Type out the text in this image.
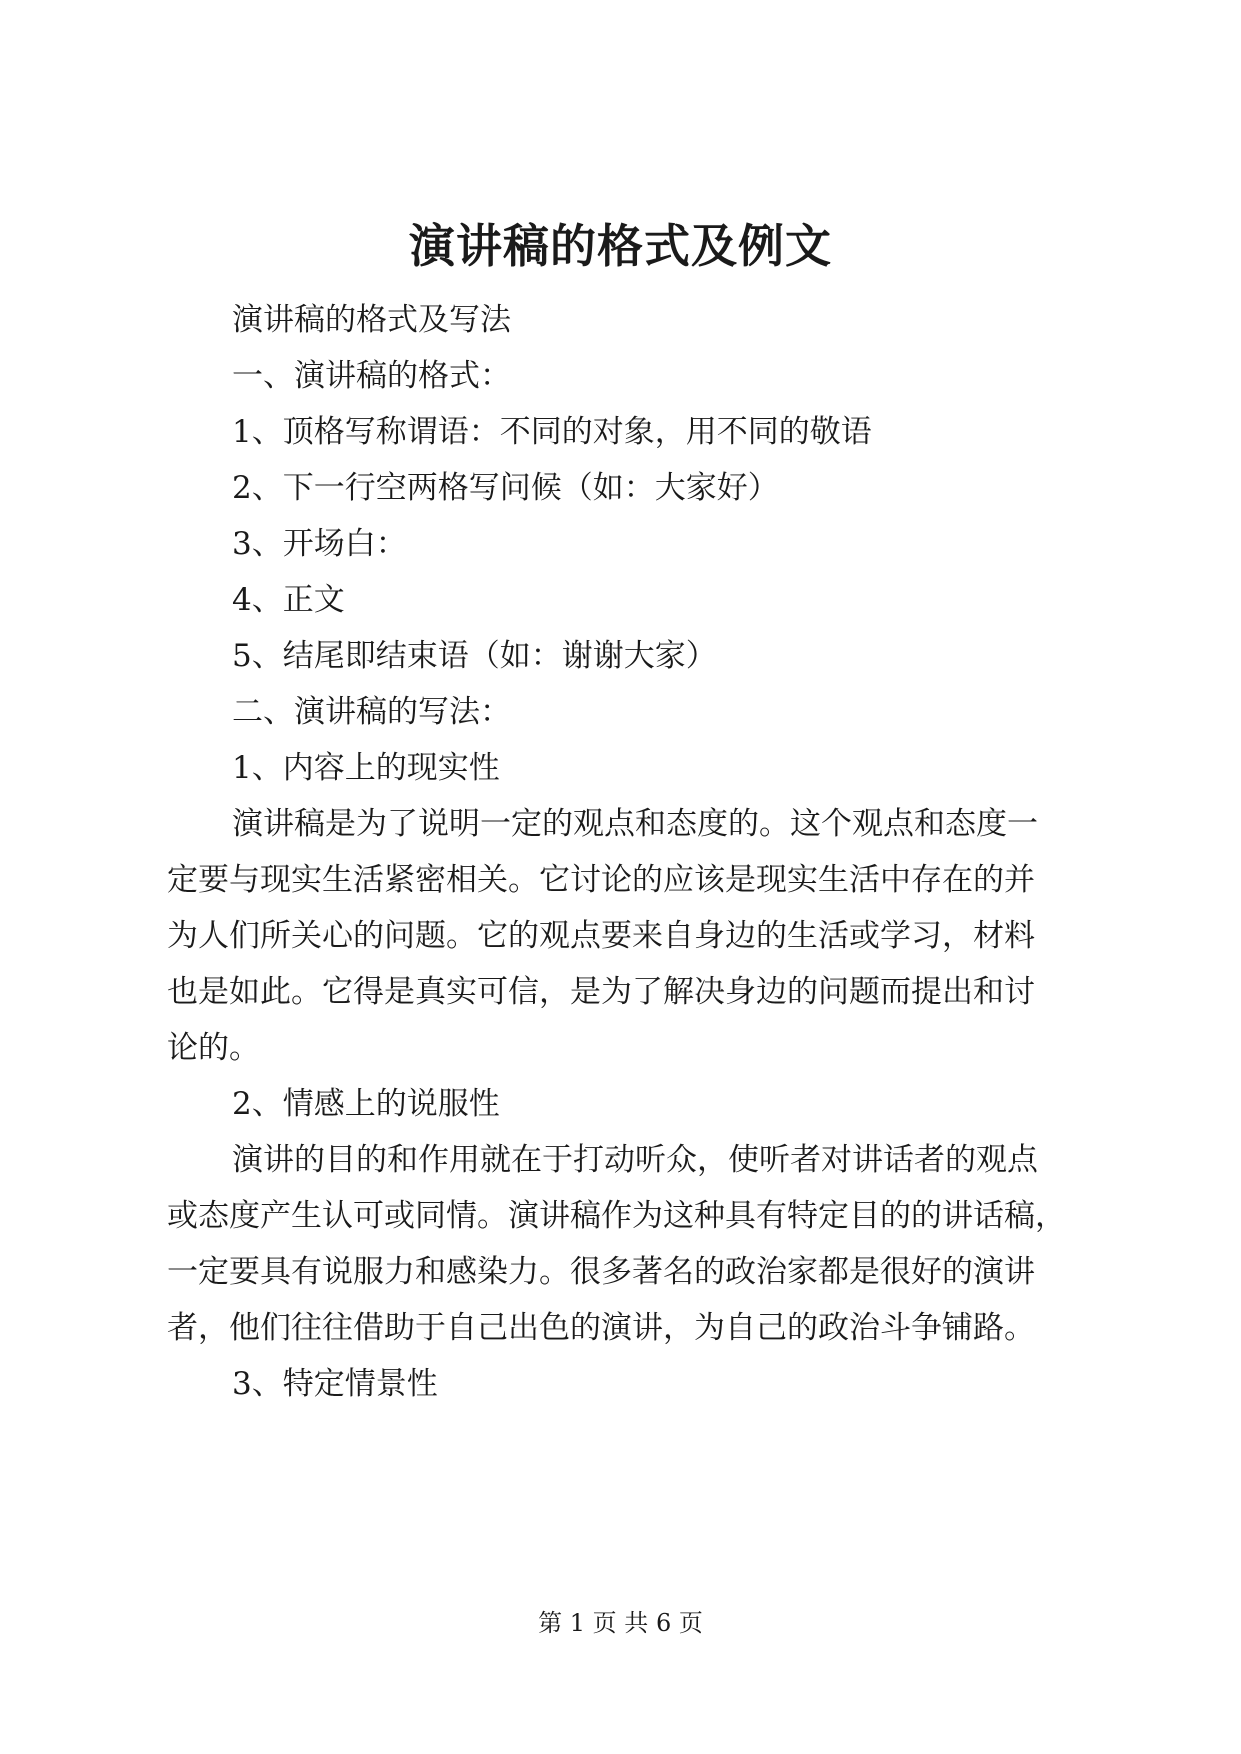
演讲稿的格式及例文
演讲稿的格式及写法
一、演讲稿的格式：
1、顶格写称谓语：不同的对象，用不同的敬语
2、下一行空两格写问候（如：大家好）
3、开场白：
4、正文
5、结尾即结束语（如：谢谢大家）
二、演讲稿的写法：
1、内容上的现实性
演讲稿是为了说明一定的观点和态度的。这个观点和态度一
定要与现实生活紧密相关。它讨论的应该是现实生活中存在的并
为人们所关心的问题。它的观点要来自身边的生活或学习，材料
也是如此。它得是真实可信，是为了解决身边的问题而提出和讨
论的。
2、情感上的说服性
演讲的目的和作用就在于打动听众，使听者对讲话者的观点
或态度产生认可或同情。演讲稿作为这种具有特定目的的讲话稿，
一定要具有说服力和感染力。很多著名的政治家都是很好的演讲
者，他们往往借助于自己出色的演讲，为自己的政治斗争铺路。
3、特定情景性
第 1 页 共 6 页
